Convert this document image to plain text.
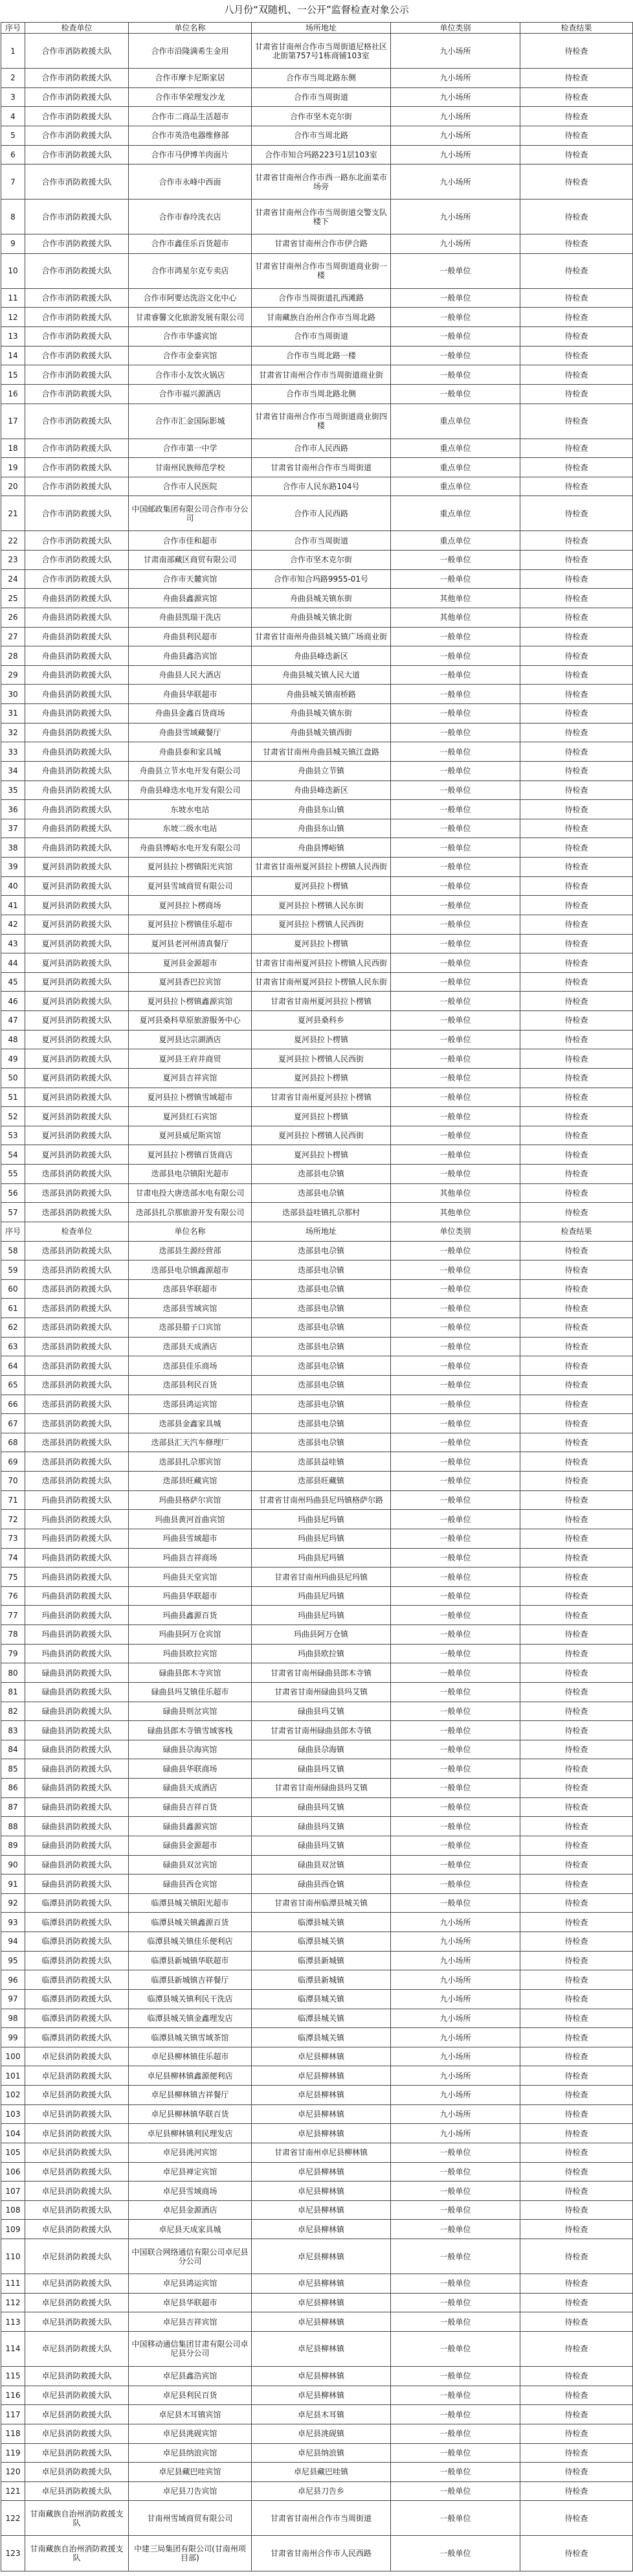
八月份“双随机、一公开”监督检查对象公示
序号	检查单位	单位名称	场所地址	单位类别	检查结果
1	合作市消防救援大队	合作市沿隆满希生金用	甘肃省甘南州合作市当周街道尼格社区北街第757号1栋商铺103室	九小场所	待检查
2	合作市消防救援大队	合作市摩卡尼斯家居	合作市当周北路东侧	九小场所	待检查
3	合作市消防救援大队	合作市华荣理发沙龙	合作市当周街道	九小场所	待检查
4	合作市消防救援大队	合作市二商品生活超市	合作市坚木克尔街	九小场所	待检查
5	合作市消防救援大队	合作市英浩电器维修部	合作市当周北路	九小场所	待检查
6	合作市消防救援大队	合作市马伊博羊肉面片	合作市知合玛路223号1层103室	九小场所	待检查
7	合作市消防救援大队	合作市永峰中西面	甘肃省甘南州合作市西一路东北面菜市场旁	九小场所	待检查
8	合作市消防救援大队	合作市春玲洗衣店	甘肃省甘南州合作市当周街道交警支队楼下	九小场所	待检查
9	合作市消防救援大队	合作市鑫佳乐百货超市	甘肃省甘南州合作市伊合路	九小场所	待检查
10	合作市消防救援大队	合作市鸿星尔克专卖店	甘肃省甘南州合作市当周街道商业街一楼	一般单位	待检查
11	合作市消防救援大队	合作市阿要达洗浴文化中心	合作市当周街道扎西滩路	一般单位	待检查
12	合作市消防救援大队	甘肃睿馨文化旅游发展有限公司	甘南藏族自治州合作市当周北路	一般单位	待检查
13	合作市消防救援大队	合作市华盛宾馆	合作市当周街道	一般单位	待检查
14	合作市消防救援大队	合作市金泰宾馆	合作市当周北路一楼	一般单位	待检查
15	合作市消防救援大队	合作市小友饮火锅店	甘肃省甘南州合作市当周街道商业街	一般单位	待检查
16	合作市消防救援大队	合作市福兴源酒店	合作市当周北路北侧	一般单位	待检查
17	合作市消防救援大队	合作市汇金国际影城	甘肃省甘南州合作市当周街道商业街四楼	重点单位	待检查
18	合作市消防救援大队	合作市第一中学	合作市人民西路	重点单位	待检查
19	合作市消防救援大队	甘南州民族师范学校	甘肃省甘南州合作市当周街道	重点单位	待检查
20	合作市消防救援大队	合作市人民医院	合作市人民东路104号	重点单位	待检查
21	合作市消防救援大队	中国邮政集团有限公司合作市分公司	合作市人民西路	重点单位	待检查
22	合作市消防救援大队	合作市佳和超市	合作市当周街道	重点单位	待检查
23	合作市消防救援大队	甘肃南部藏区商贸有限公司	合作市坚木克尔街	一般单位	待检查
24	合作市消防救援大队	合作市天麓宾馆	合作市知合玛路9955-01号	一般单位	待检查
25	舟曲县消防救援大队	舟曲县鑫源宾馆	舟曲县城关镇东街	其他单位	待检查
26	舟曲县消防救援大队	舟曲县凯瑞干洗店	舟曲县城关镇北街	其他单位	待检查
27	舟曲县消防救援大队	舟曲县利民超市	甘肃省甘南州舟曲县城关镇广场商业街	一般单位	待检查
28	舟曲县消防救援大队	舟曲县鑫浩宾馆	舟曲县峰迭新区	一般单位	待检查
29	舟曲县消防救援大队	舟曲县人民大酒店	舟曲县城关镇人民大道	一般单位	待检查
30	舟曲县消防救援大队	舟曲县华联超市	舟曲县城关镇南桥路	一般单位	待检查
31	舟曲县消防救援大队	舟曲县金鑫百货商场	舟曲县城关镇东街	一般单位	待检查
32	舟曲县消防救援大队	舟曲县雪域藏餐厅	舟曲县城关镇西街	一般单位	待检查
33	舟曲县消防救援大队	舟曲县泰和家具城	甘肃省甘南州舟曲县城关镇江盘路	一般单位	待检查
34	舟曲县消防救援大队	舟曲县立节水电开发有限公司	舟曲县立节镇	一般单位	待检查
35	舟曲县消防救援大队	舟曲县峰迭水电开发有限公司	舟曲县峰迭新区	一般单位	待检查
36	舟曲县消防救援大队	东坡水电站	舟曲县东山镇	一般单位	待检查
37	舟曲县消防救援大队	东坡二级水电站	舟曲县东山镇	一般单位	待检查
38	舟曲县消防救援大队	舟曲县博峪水电开发有限公司	舟曲县博峪镇	一般单位	待检查
39	夏河县消防救援大队	夏河县拉卜楞镇阳光宾馆	甘肃省甘南州夏河县拉卜楞镇人民西街	一般单位	待检查
40	夏河县消防救援大队	夏河县雪域商贸有限公司	夏河县拉卜楞镇	一般单位	待检查
41	夏河县消防救援大队	夏河县拉卜楞商场	夏河县拉卜楞镇人民东街	一般单位	待检查
42	夏河县消防救援大队	夏河县拉卜楞镇佳乐超市	夏河县拉卜楞镇人民西街	一般单位	待检查
43	夏河县消防救援大队	夏河县老河州清真餐厅	夏河县拉卜楞镇	一般单位	待检查
44	夏河县消防救援大队	夏河县金源超市	甘肃省甘南州夏河县拉卜楞镇人民西街	一般单位	待检查
45	夏河县消防救援大队	夏河县香巴拉宾馆	甘肃省甘南州夏河县拉卜楞镇人民东街	一般单位	待检查
46	夏河县消防救援大队	夏河县拉卜楞镇鑫源宾馆	甘肃省甘南州夏河县拉卜楞镇	一般单位	待检查
47	夏河县消防救援大队	夏河县桑科草原旅游服务中心	夏河县桑科乡	一般单位	待检查
48	夏河县消防救援大队	夏河县达宗湖酒店	夏河县拉卜楞镇	一般单位	待检查
49	夏河县消防救援大队	夏河县王府井商贸	夏河县拉卜楞镇人民西街	一般单位	待检查
50	夏河县消防救援大队	夏河县吉祥宾馆	夏河县拉卜楞镇	一般单位	待检查
51	夏河县消防救援大队	夏河县拉卜楞镇雪域超市	甘肃省甘南州夏河县拉卜楞镇	一般单位	待检查
52	夏河县消防救援大队	夏河县红石宾馆	夏河县拉卜楞镇	一般单位	待检查
53	夏河县消防救援大队	夏河县威尼斯宾馆	夏河县拉卜楞镇人民西街	一般单位	待检查
54	夏河县消防救援大队	夏河县拉卜楞镇百货商店	夏河县拉卜楞镇	一般单位	待检查
55	迭部县消防救援大队	迭部县电尕镇阳光超市	迭部县电尕镇	一般单位	待检查
56	迭部县消防救援大队	甘肃电投大唐迭部水电有限公司	迭部县电尕镇	其他单位	待检查
57	迭部县消防救援大队	迭部县扎尕那旅游开发有限公司	迭部县益哇镇扎尕那村	其他单位	待检查
序号	检查单位	单位名称	场所地址	单位类别	检查结果
58	迭部县消防救援大队	迭部县生源经营部	迭部县电尕镇	一般单位	待检查
59	迭部县消防救援大队	迭部县电尕镇鑫源超市	迭部县电尕镇	一般单位	待检查
60	迭部县消防救援大队	迭部县华联超市	迭部县电尕镇	一般单位	待检查
61	迭部县消防救援大队	迭部县雪域宾馆	迭部县电尕镇	一般单位	待检查
62	迭部县消防救援大队	迭部县腊子口宾馆	迭部县电尕镇	一般单位	待检查
63	迭部县消防救援大队	迭部县天成酒店	迭部县电尕镇	一般单位	待检查
64	迭部县消防救援大队	迭部县佳乐商场	迭部县电尕镇	一般单位	待检查
65	迭部县消防救援大队	迭部县利民百货	迭部县电尕镇	一般单位	待检查
66	迭部县消防救援大队	迭部县鸿运宾馆	迭部县电尕镇	一般单位	待检查
67	迭部县消防救援大队	迭部县金鑫家具城	迭部县电尕镇	一般单位	待检查
68	迭部县消防救援大队	迭部县汇天汽车修理厂	迭部县电尕镇	一般单位	待检查
69	迭部县消防救援大队	迭部县扎尕那宾馆	迭部县益哇镇	一般单位	待检查
70	迭部县消防救援大队	迭部县旺藏宾馆	迭部县旺藏镇	一般单位	待检查
71	玛曲县消防救援大队	玛曲县格萨尔宾馆	甘肃省甘南州玛曲县尼玛镇格萨尔路	一般单位	待检查
72	玛曲县消防救援大队	玛曲县黄河首曲宾馆	玛曲县尼玛镇	一般单位	待检查
73	玛曲县消防救援大队	玛曲县雪域超市	玛曲县尼玛镇	一般单位	待检查
74	玛曲县消防救援大队	玛曲县吉祥商场	玛曲县尼玛镇	一般单位	待检查
75	玛曲县消防救援大队	玛曲县天堂宾馆	甘肃省甘南州玛曲县尼玛镇	一般单位	待检查
76	玛曲县消防救援大队	玛曲县华联超市	玛曲县尼玛镇	一般单位	待检查
77	玛曲县消防救援大队	玛曲县鑫源百货	玛曲县尼玛镇	一般单位	待检查
78	玛曲县消防救援大队	玛曲县阿万仓宾馆	玛曲县阿万仓镇	一般单位	待检查
79	玛曲县消防救援大队	玛曲县欧拉宾馆	玛曲县欧拉镇	一般单位	待检查
80	碌曲县消防救援大队	碌曲县郎木寺宾馆	甘肃省甘南州碌曲县郎木寺镇	一般单位	待检查
81	碌曲县消防救援大队	碌曲县玛艾镇佳乐超市	甘肃省甘南州碌曲县玛艾镇	一般单位	待检查
82	碌曲县消防救援大队	碌曲县则岔宾馆	碌曲县玛艾镇	一般单位	待检查
83	碌曲县消防救援大队	碌曲县郎木寺镇雪域客栈	甘肃省甘南州碌曲县郎木寺镇	一般单位	待检查
84	碌曲县消防救援大队	碌曲县尕海宾馆	碌曲县尕海镇	一般单位	待检查
85	碌曲县消防救援大队	碌曲县华联商场	碌曲县玛艾镇	一般单位	待检查
86	碌曲县消防救援大队	碌曲县天成酒店	甘肃省甘南州碌曲县玛艾镇	一般单位	待检查
87	碌曲县消防救援大队	碌曲县吉祥百货	碌曲县玛艾镇	一般单位	待检查
88	碌曲县消防救援大队	碌曲县鑫源宾馆	碌曲县玛艾镇	一般单位	待检查
89	碌曲县消防救援大队	碌曲县金源超市	碌曲县玛艾镇	一般单位	待检查
90	碌曲县消防救援大队	碌曲县双岔宾馆	碌曲县双岔镇	一般单位	待检查
91	碌曲县消防救援大队	碌曲县西仓宾馆	碌曲县西仓镇	一般单位	待检查
92	临潭县消防救援大队	临潭县城关镇阳光超市	甘肃省甘南州临潭县城关镇	一般单位	待检查
93	临潭县消防救援大队	临潭县城关镇鑫源百货	临潭县城关镇	九小场所	待检查
94	临潭县消防救援大队	临潭县城关镇佳乐便利店	临潭县城关镇	九小场所	待检查
95	临潭县消防救援大队	临潭县新城镇华联超市	临潭县新城镇	九小场所	待检查
96	临潭县消防救援大队	临潭县新城镇吉祥餐厅	临潭县新城镇	九小场所	待检查
97	临潭县消防救援大队	临潭县城关镇利民干洗店	临潭县城关镇	九小场所	待检查
98	临潭县消防救援大队	临潭县城关镇金鑫理发店	临潭县城关镇	九小场所	待检查
99	临潭县消防救援大队	临潭县城关镇雪域茶馆	临潭县城关镇	九小场所	待检查
100	卓尼县消防救援大队	卓尼县柳林镇佳乐超市	卓尼县柳林镇	九小场所	待检查
101	卓尼县消防救援大队	卓尼县柳林镇鑫源便利店	卓尼县柳林镇	九小场所	待检查
102	卓尼县消防救援大队	卓尼县柳林镇吉祥餐厅	卓尼县柳林镇	九小场所	待检查
103	卓尼县消防救援大队	卓尼县柳林镇华联百货	卓尼县柳林镇	九小场所	待检查
104	卓尼县消防救援大队	卓尼县柳林镇利民理发店	卓尼县柳林镇	九小场所	待检查
105	卓尼县消防救援大队	卓尼县洮河宾馆	甘肃省甘南州卓尼县柳林镇	一般单位	待检查
106	卓尼县消防救援大队	卓尼县禅定宾馆	卓尼县柳林镇	一般单位	待检查
107	卓尼县消防救援大队	卓尼县雪域商场	卓尼县柳林镇	一般单位	待检查
108	卓尼县消防救援大队	卓尼县金源酒店	卓尼县柳林镇	一般单位	待检查
109	卓尼县消防救援大队	卓尼县天成家具城	卓尼县柳林镇	一般单位	待检查
110	卓尼县消防救援大队	中国联合网络通信有限公司卓尼县分公司	卓尼县柳林镇	一般单位	待检查
111	卓尼县消防救援大队	卓尼县鸿运宾馆	卓尼县柳林镇	一般单位	待检查
112	卓尼县消防救援大队	卓尼县华联超市	卓尼县柳林镇	一般单位	待检查
113	卓尼县消防救援大队	卓尼县吉祥宾馆	卓尼县柳林镇	一般单位	待检查
114	卓尼县消防救援大队	中国移动通信集团甘肃有限公司卓尼县分公司	卓尼县柳林镇	一般单位	待检查
115	卓尼县消防救援大队	卓尼县鑫浩宾馆	卓尼县柳林镇	一般单位	待检查
116	卓尼县消防救援大队	卓尼县利民百货	卓尼县柳林镇	一般单位	待检查
117	卓尼县消防救援大队	卓尼县木耳镇宾馆	卓尼县木耳镇	一般单位	待检查
118	卓尼县消防救援大队	卓尼县洮砚宾馆	卓尼县洮砚镇	一般单位	待检查
119	卓尼县消防救援大队	卓尼县纳浪宾馆	卓尼县纳浪镇	一般单位	待检查
120	卓尼县消防救援大队	卓尼县藏巴哇宾馆	卓尼县藏巴哇镇	一般单位	待检查
121	卓尼县消防救援大队	卓尼县刀告宾馆	卓尼县刀告乡	一般单位	待检查
122	甘南藏族自治州消防救援支队	甘南州雪域商贸有限公司	甘肃省甘南州合作市当周街道	一般单位	待检查
123	甘南藏族自治州消防救援支队	中建三局集团有限公司(甘南州项目部)	甘肃省甘南州合作市人民西路	一般单位	待检查
